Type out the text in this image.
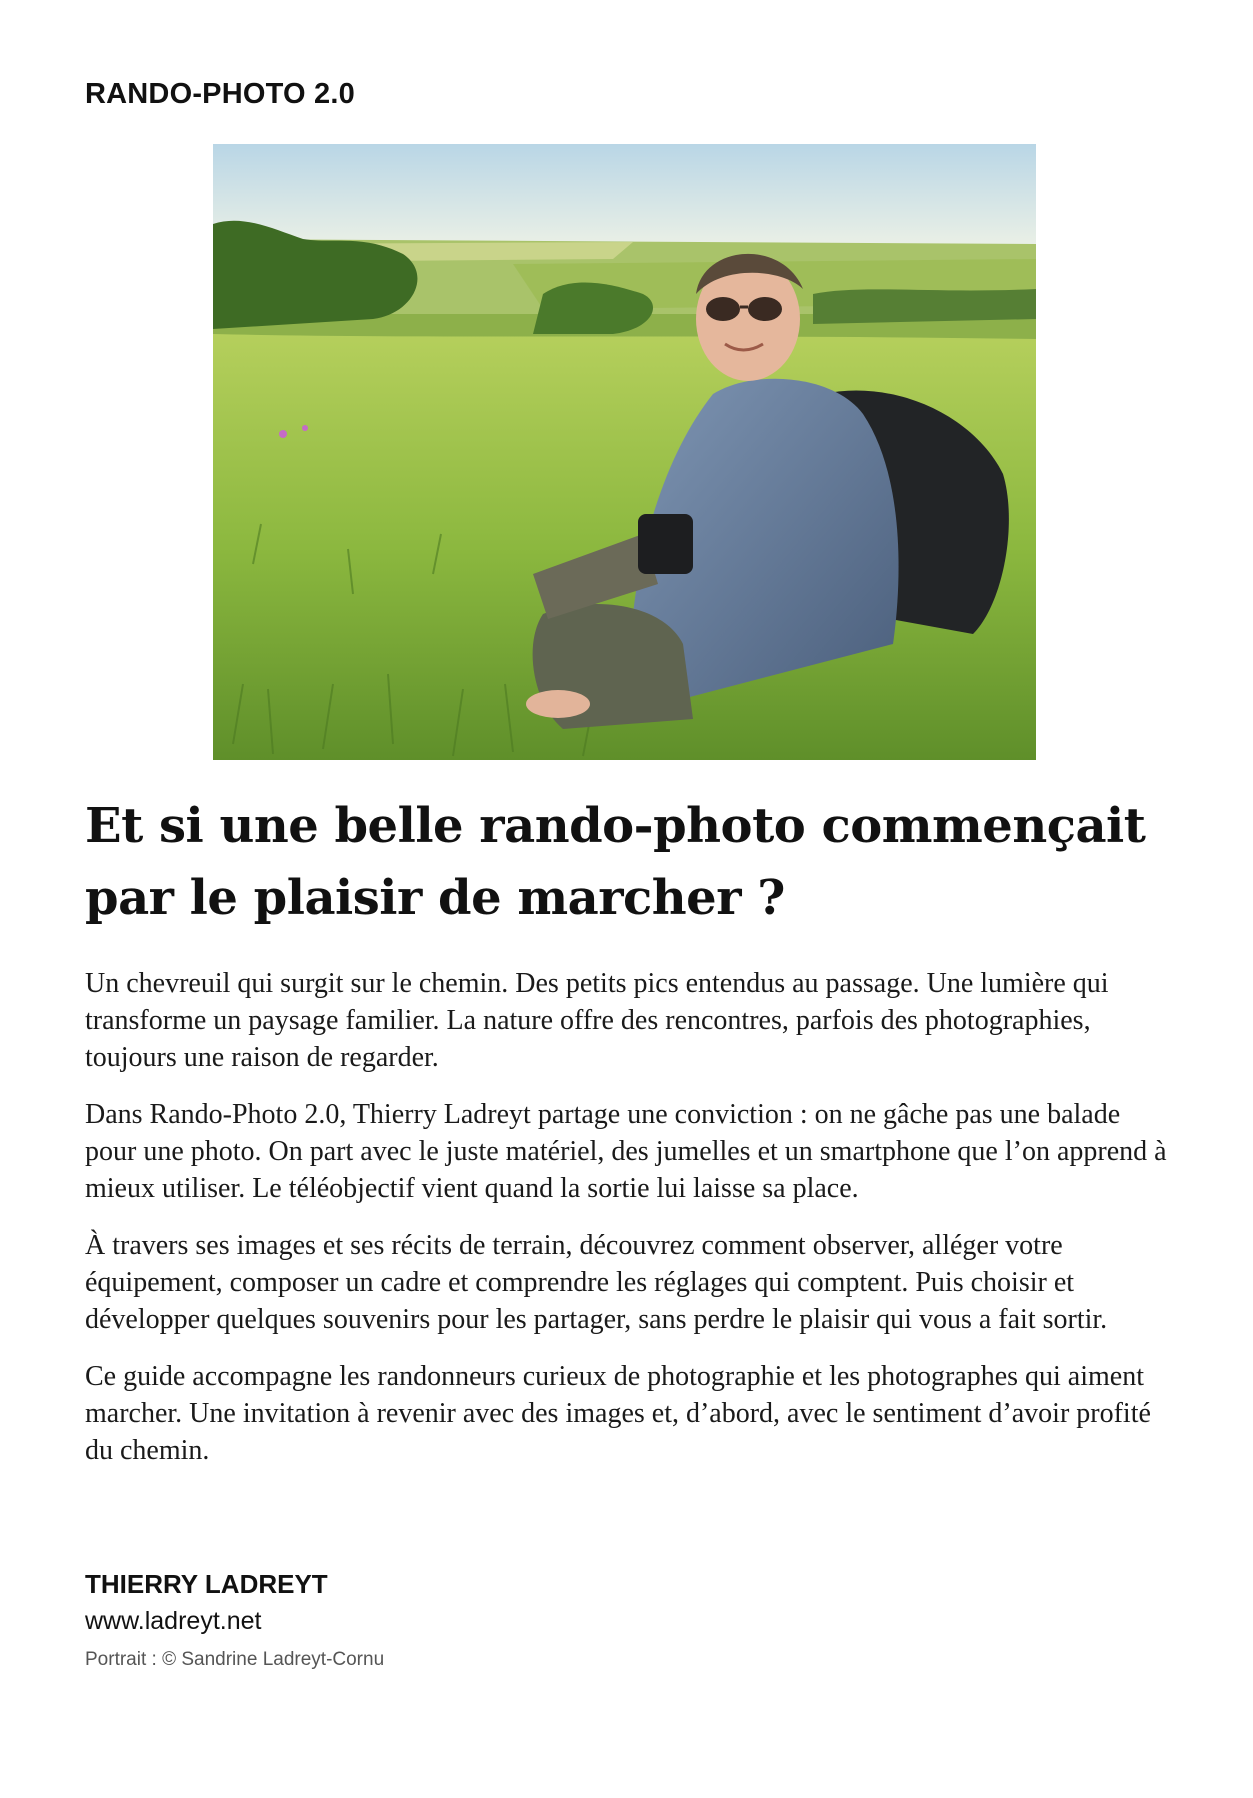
RANDO-PHOTO 2.0
Et si une belle rando-photo commençait par le plaisir de marcher ?

Un chevreuil qui surgit sur le chemin. Des petits pics entendus au passage. Une lumière qui transforme un paysage familier. La nature offre des rencontres, parfois des photographies, toujours une raison de regarder.

Dans Rando-Photo 2.0, Thierry Ladreyt partage une conviction : on ne gâche pas une balade pour une photo. On part avec le juste matériel, des jumelles et un smartphone que l’on apprend à mieux utiliser. Le téléobjectif vient quand la sortie lui laisse sa place.

À travers ses images et ses récits de terrain, découvrez comment observer, alléger votre équipement, composer un cadre et comprendre les réglages qui comptent. Puis choisir et développer quelques souvenirs pour les partager, sans perdre le plaisir qui vous a fait sortir.

Ce guide accompagne les randonneurs curieux de photographie et les photographes qui aiment marcher. Une invitation à revenir avec des images et, d’abord, avec le sentiment d’avoir profité du chemin.

THIERRY LADREYT

www.ladreyt.net

Portrait : © Sandrine Ladreyt-Cornu
